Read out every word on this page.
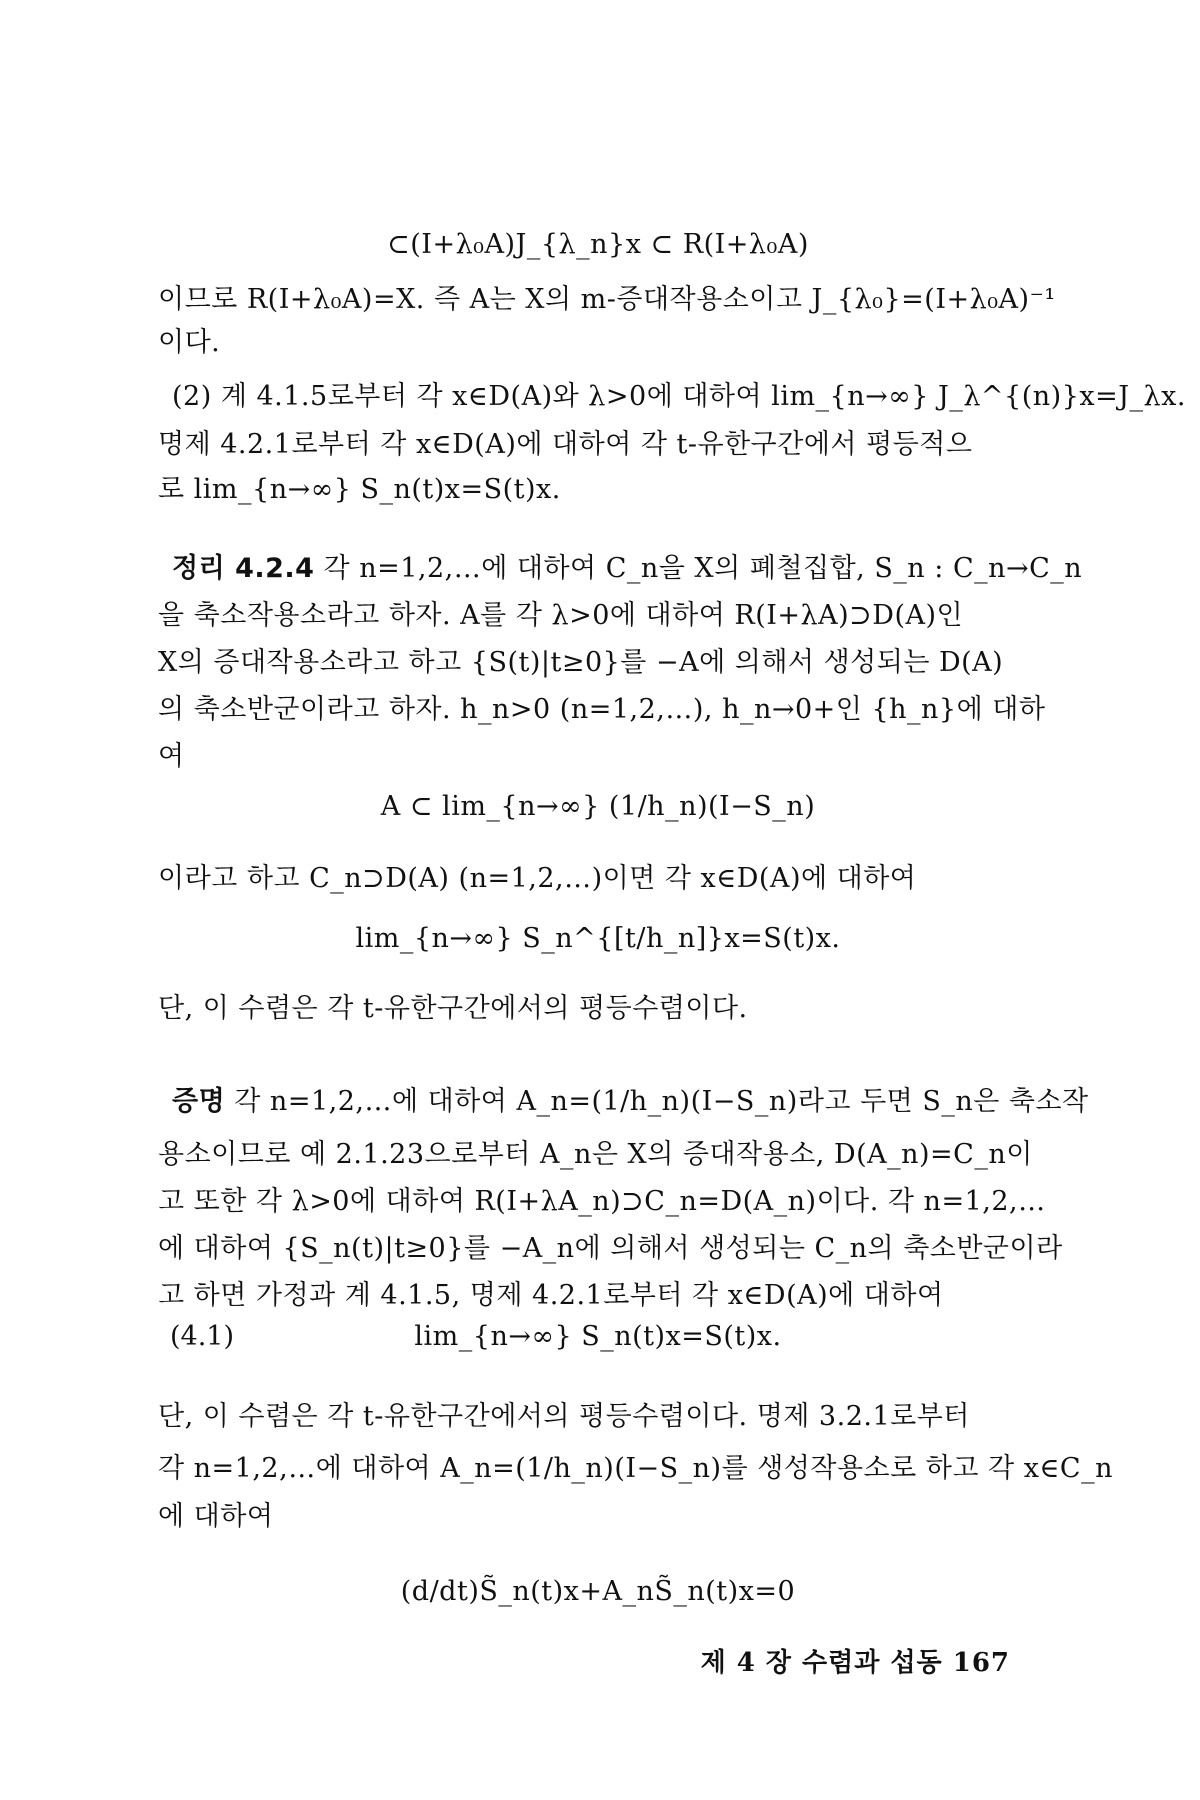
⊂(I+λ₀A)J_{λ_n}x ⊂ R(I+λ₀A)
이므로 R(I+λ₀A)=X. 즉 A는 X의 m-증대작용소이고 J_{λ₀}=(I+λ₀A)⁻¹
이다.
(2) 계 4.1.5로부터 각 x∈D(A)와 λ>0에 대하여 lim_{n→∞} J_λ^{(n)}x=J_λx.
명제 4.2.1로부터 각 x∈D(A)에 대하여 각 t-유한구간에서 평등적으
로 lim_{n→∞} S_n(t)x=S(t)x.
정리 4.2.4 각 n=1,2,…에 대하여 C_n을 X의 폐철집합, S_n : C_n→C_n
을 축소작용소라고 하자. A를 각 λ>0에 대하여 R(I+λA)⊃D(A)인
X의 증대작용소라고 하고 {S(t)|t≥0}를 −A에 의해서 생성되는 D(A)
의 축소반군이라고 하자. h_n>0 (n=1,2,…), h_n→0+인 {h_n}에 대하
여
A ⊂ lim_{n→∞} (1/h_n)(I−S_n)
이라고 하고 C_n⊃D(A) (n=1,2,…)이면 각 x∈D(A)에 대하여
lim_{n→∞} S_n^{[t/h_n]}x=S(t)x.
단, 이 수렴은 각 t-유한구간에서의 평등수렴이다.
증명 각 n=1,2,…에 대하여 A_n=(1/h_n)(I−S_n)라고 두면 S_n은 축소작
용소이므로 예 2.1.23으로부터 A_n은 X의 증대작용소, D(A_n)=C_n이
고 또한 각 λ>0에 대하여 R(I+λA_n)⊃C_n=D(A_n)이다. 각 n=1,2,…
에 대하여 {S_n(t)|t≥0}를 −A_n에 의해서 생성되는 C_n의 축소반군이라
고 하면 가정과 계 4.1.5, 명제 4.2.1로부터 각 x∈D(A)에 대하여
(4.1)	lim_{n→∞} S_n(t)x=S(t)x.
단, 이 수렴은 각 t-유한구간에서의 평등수렴이다. 명제 3.2.1로부터
각 n=1,2,…에 대하여 A_n=(1/h_n)(I−S_n)를 생성작용소로 하고 각 x∈C_n
에 대하여
(d/dt)S̃_n(t)x+A_nS̃_n(t)x=0
제 4 장 수렴과 섭동 167
